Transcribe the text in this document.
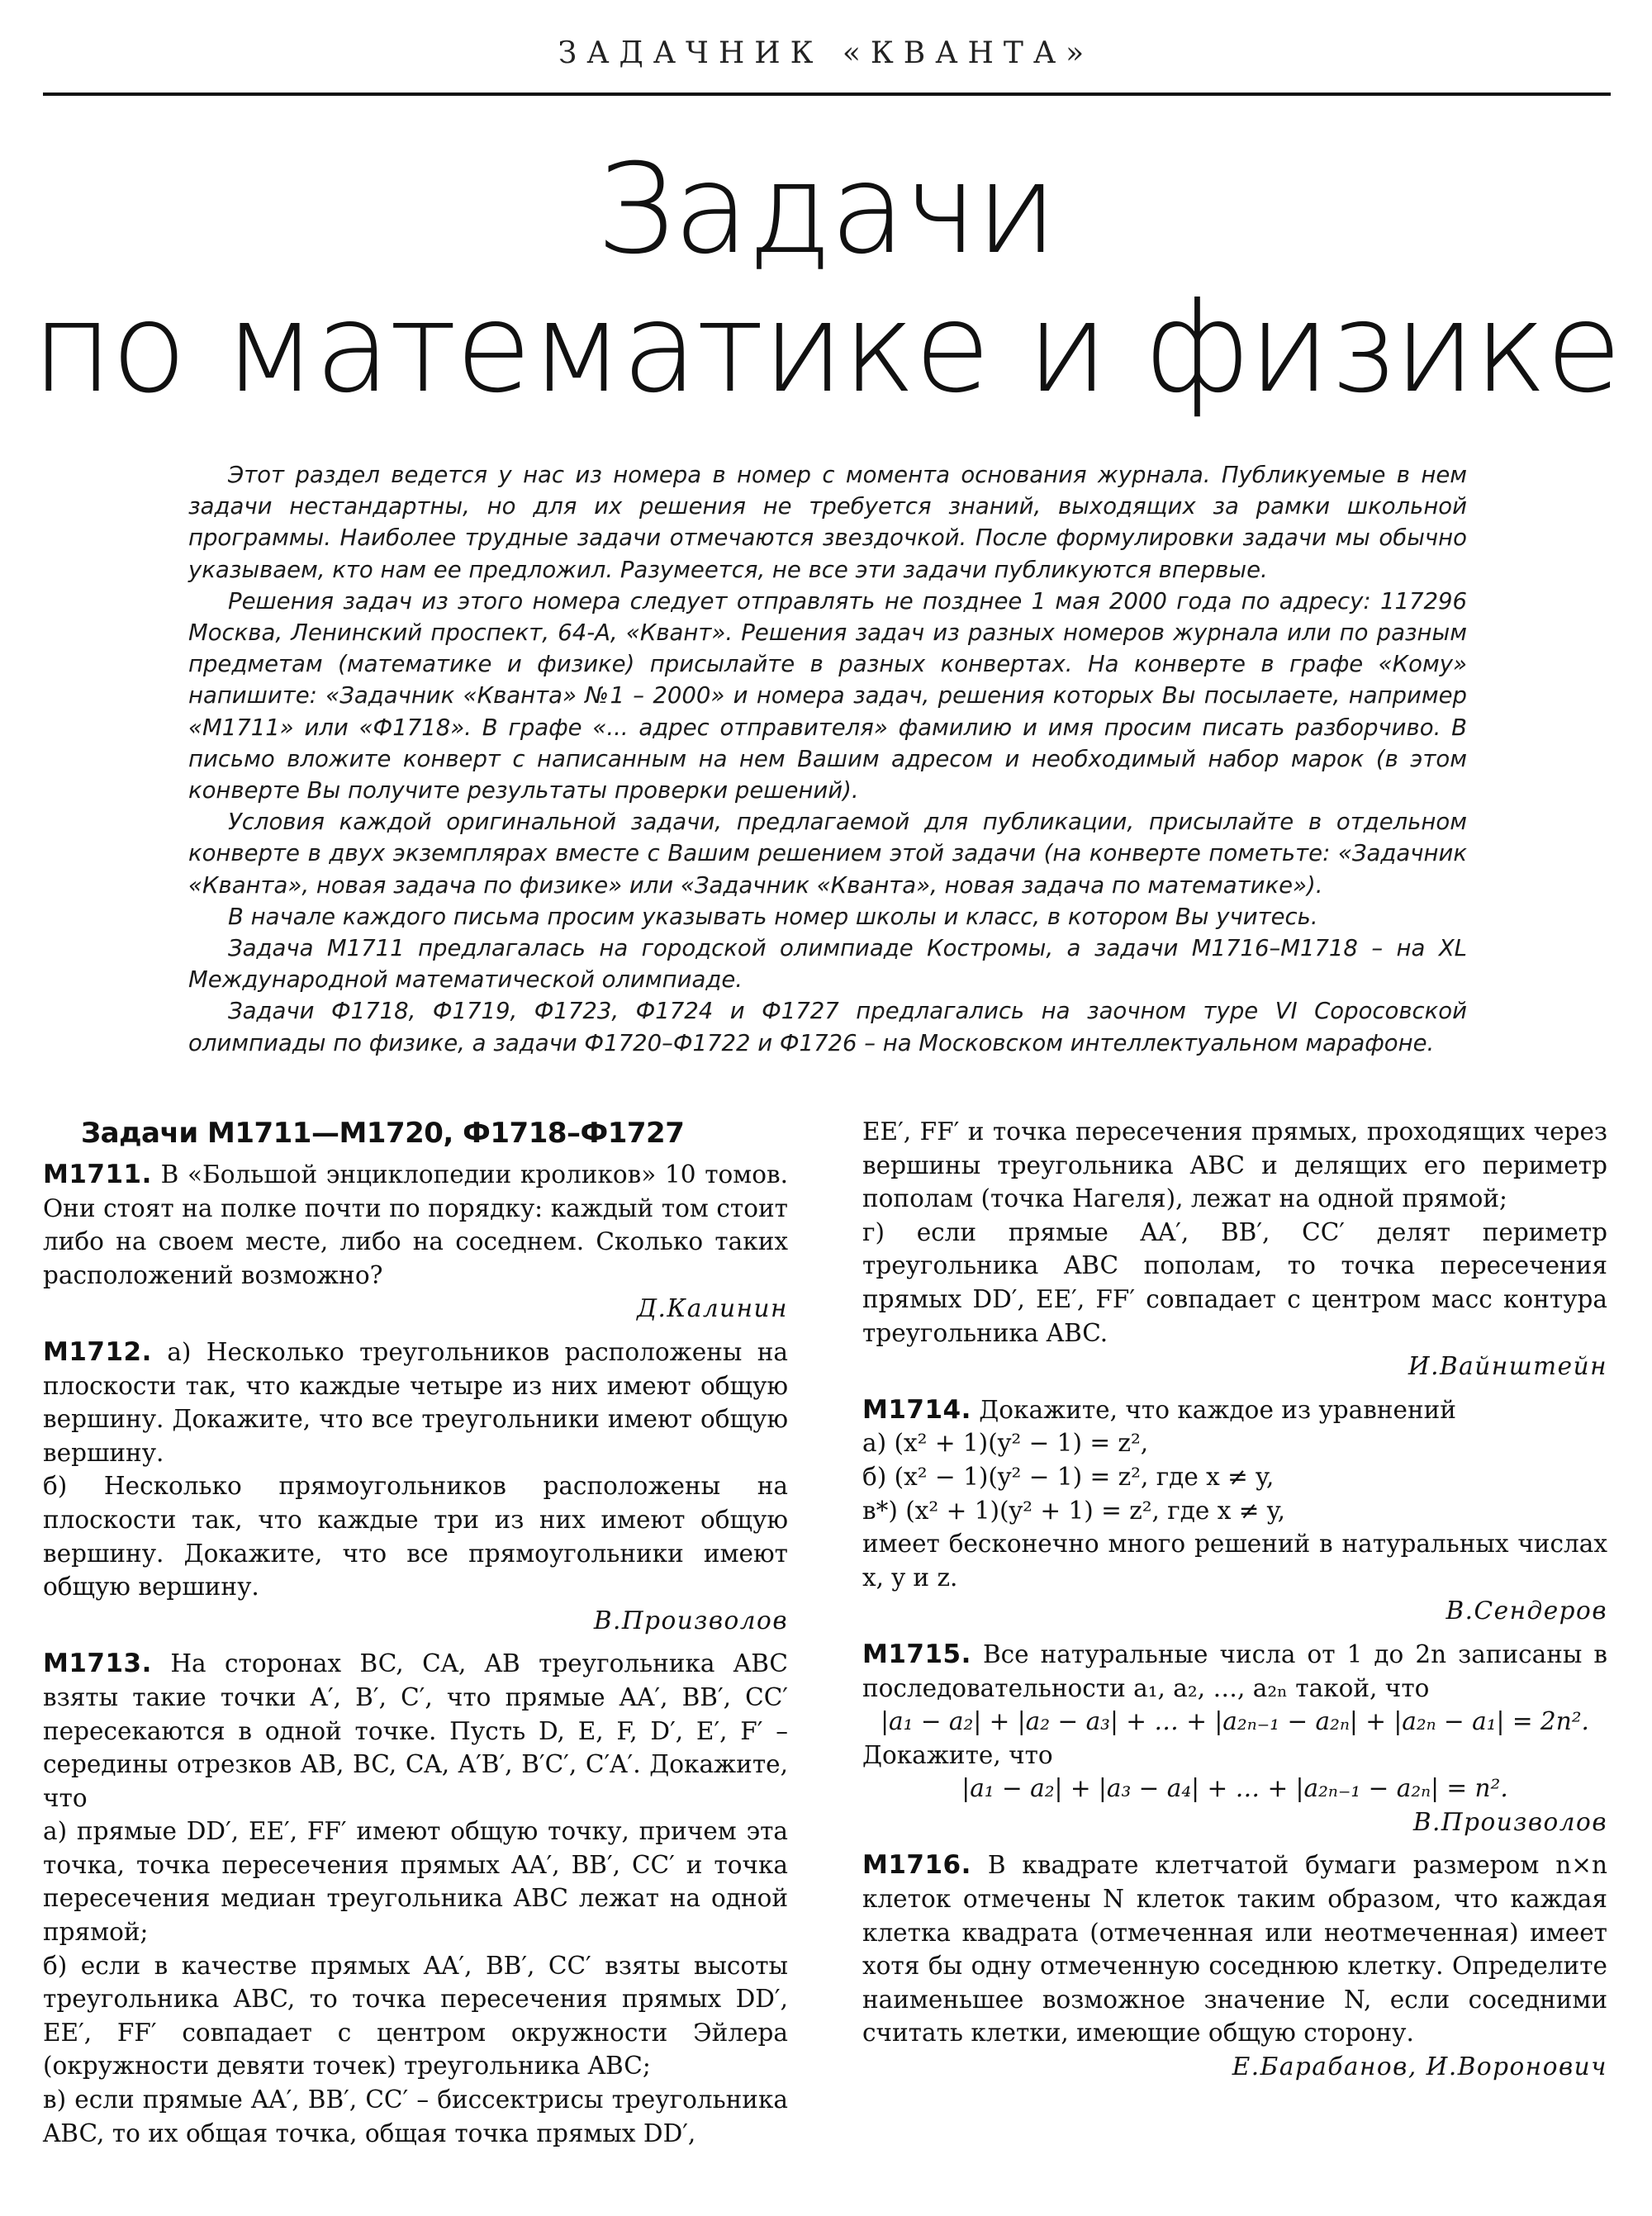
ЗАДАЧНИК «КВАНТА»
Задачи
по математике и физике

Этот раздел ведется у нас из номера в номер с момента основания журнала. Публикуемые в нем задачи нестандартны, но для их решения не требуется знаний, выходящих за рамки школьной программы. Наиболее трудные задачи отмечаются звездочкой. После формулировки задачи мы обычно указываем, кто нам ее предложил. Разумеется, не все эти задачи публикуются впервые.

Решения задач из этого номера следует отправлять не позднее 1 мая 2000 года по адресу: 117296 Москва, Ленинский проспект, 64-А, «Квант». Решения задач из разных номеров журнала или по разным предметам (математике и физике) присылайте в разных конвертах. На конверте в графе «Кому» напишите: «Задачник «Кванта» №1 – 2000» и номера задач, решения которых Вы посылаете, например «М1711» или «Ф1718». В графе «... адрес отправителя» фамилию и имя просим писать разборчиво. В письмо вложите конверт с написанным на нем Вашим адресом и необходимый набор марок (в этом конверте Вы получите результаты проверки решений).

Условия каждой оригинальной задачи, предлагаемой для публикации, присылайте в отдельном конверте в двух экземплярах вместе с Вашим решением этой задачи (на конверте пометьте: «Задачник «Кванта», новая задача по физике» или «Задачник «Кванта», новая задача по математике»).

В начале каждого письма просим указывать номер школы и класс, в котором Вы учитесь.

Задача М1711 предлагалась на городской олимпиаде Костромы, а задачи М1716–М1718 – на XL Международной математической олимпиаде.

Задачи Ф1718, Ф1719, Ф1723, Ф1724 и Ф1727 предлагались на заочном туре VI Соросовской олимпиады по физике, а задачи Ф1720–Ф1722 и Ф1726 – на Московском интеллектуальном марафоне.

Задачи М1711—М1720, Ф1718–Ф1727

М1711. В «Большой энциклопедии кроликов» 10 томов. Они стоят на полке почти по порядку: каждый том стоит либо на своем месте, либо на соседнем. Сколько таких расположений возможно?

Д.Калинин

М1712. а) Несколько треугольников расположены на плоскости так, что каждые четыре из них имеют общую вершину. Докажите, что все треугольники имеют общую вершину.

б) Несколько прямоугольников расположены на плоскости так, что каждые три из них имеют общую вершину. Докажите, что все прямоугольники имеют общую вершину.

В.Произволов

М1713. На сторонах BC, CA, AB треугольника ABC взяты такие точки A′, B′, C′, что прямые AA′, BB′, CC′ пересекаются в одной точке. Пусть D, E, F, D′, E′, F′ – середины отрезков AB, BC, CA, A′B′, B′C′, C′A′. Докажите, что

а) прямые DD′, EE′, FF′ имеют общую точку, причем эта точка, точка пересечения прямых AA′, BB′, CC′ и точка пересечения медиан треугольника ABC лежат на одной прямой;

б) если в качестве прямых AA′, BB′, CC′ взяты высоты треугольника ABC, то точка пересечения прямых DD′, EE′, FF′ совпадает с центром окружности Эйлера (окружности девяти точек) треугольника ABC;

в) если прямые AA′, BB′, CC′ – биссектрисы треугольника ABC, то их общая точка, общая точка прямых DD′,

EE′, FF′ и точка пересечения прямых, проходящих через вершины треугольника ABC и делящих его периметр пополам (точка Нагеля), лежат на одной прямой;

г) если прямые AA′, BB′, CC′ делят периметр треугольника ABC пополам, то точка пересечения прямых DD′, EE′, FF′ совпадает с центром масс контура треугольника ABC.

И.Вайнштейн

М1714. Докажите, что каждое из уравнений

а) (x² + 1)(y² − 1) = z²,

б) (x² − 1)(y² − 1) = z², где x ≠ y,

в*) (x² + 1)(y² + 1) = z², где x ≠ y,

имеет бесконечно много решений в натуральных числах x, y и z.

В.Сендеров

М1715. Все натуральные числа от 1 до 2n записаны в последовательности a₁, a₂, …, a₂ₙ такой, что

|a₁ − a₂| + |a₂ − a₃| + … + |a₂ₙ₋₁ − a₂ₙ| + |a₂ₙ − a₁| = 2n².

Докажите, что

|a₁ − a₂| + |a₃ − a₄| + … + |a₂ₙ₋₁ − a₂ₙ| = n².

В.Произволов

М1716. В квадрате клетчатой бумаги размером n×n клеток отмечены N клеток таким образом, что каждая клетка квадрата (отмеченная или неотмеченная) имеет хотя бы одну отмеченную соседнюю клетку. Определите наименьшее возможное значение N, если соседними считать клетки, имеющие общую сторону.

Е.Барабанов, И.Воронович
